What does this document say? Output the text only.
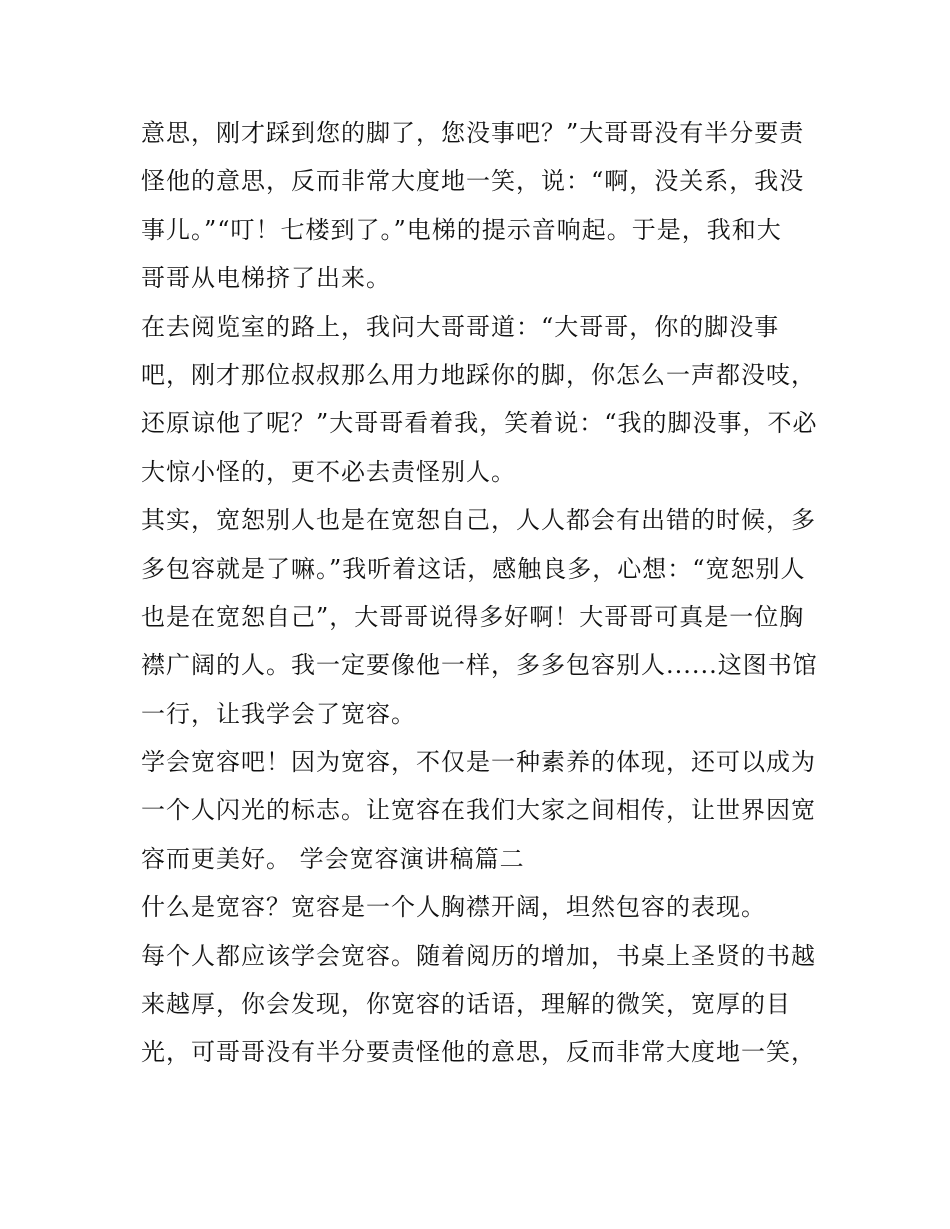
意思，刚才踩到您的脚了，您没事吧？”大哥哥没有半分要责
怪他的意思，反而非常大度地一笑，说：“啊，没关系，我没
事儿。”“叮！七楼到了。”电梯的提示音响起。于是，我和大
哥哥从电梯挤了出来。
在去阅览室的路上，我问大哥哥道：“大哥哥，你的脚没事
吧，刚才那位叔叔那么用力地踩你的脚，你怎么一声都没吱，
还原谅他了呢？”大哥哥看着我，笑着说：“我的脚没事，不必
大惊小怪的，更不必去责怪别人。
其实，宽恕别人也是在宽恕自己，人人都会有出错的时候，多
多包容就是了嘛。”我听着这话，感触良多，心想：“宽恕别人
也是在宽恕自己”，大哥哥说得多好啊！大哥哥可真是一位胸
襟广阔的人。我一定要像他一样，多多包容别人......这图书馆
一行，让我学会了宽容。
学会宽容吧！因为宽容，不仅是一种素养的体现，还可以成为
一个人闪光的标志。让宽容在我们大家之间相传，让世界因宽
容而更美好。 学会宽容演讲稿篇二
什么是宽容？宽容是一个人胸襟开阔，坦然包容的表现。
每个人都应该学会宽容。随着阅历的增加，书桌上圣贤的书越
来越厚，你会发现，你宽容的话语，理解的微笑，宽厚的目
光，可哥哥没有半分要责怪他的意思，反而非常大度地一笑，
